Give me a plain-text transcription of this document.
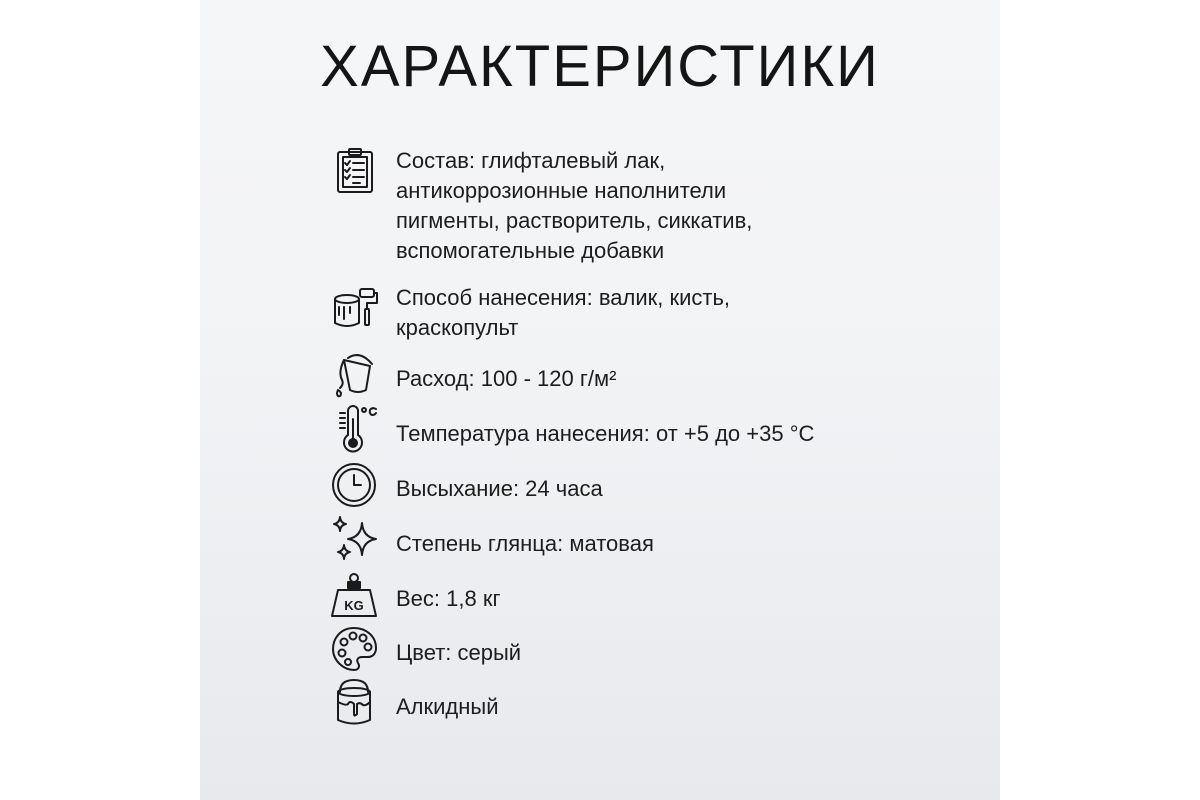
ХАРАКТЕРИСТИКИ
Состав: глифталевый лак,
антикоррозионные наполнители
пигменты, растворитель, сиккатив,
вспомогательные добавки
Способ нанесения: валик, кисть,
краскопульт
Расход: 100 - 120 г/м²
Температура нанесения: от +5 до +35 °С
Высыхание: 24 часа
Степень глянца: матовая
KG Вес: 1,8 кг
Цвет: серый
Алкидный
